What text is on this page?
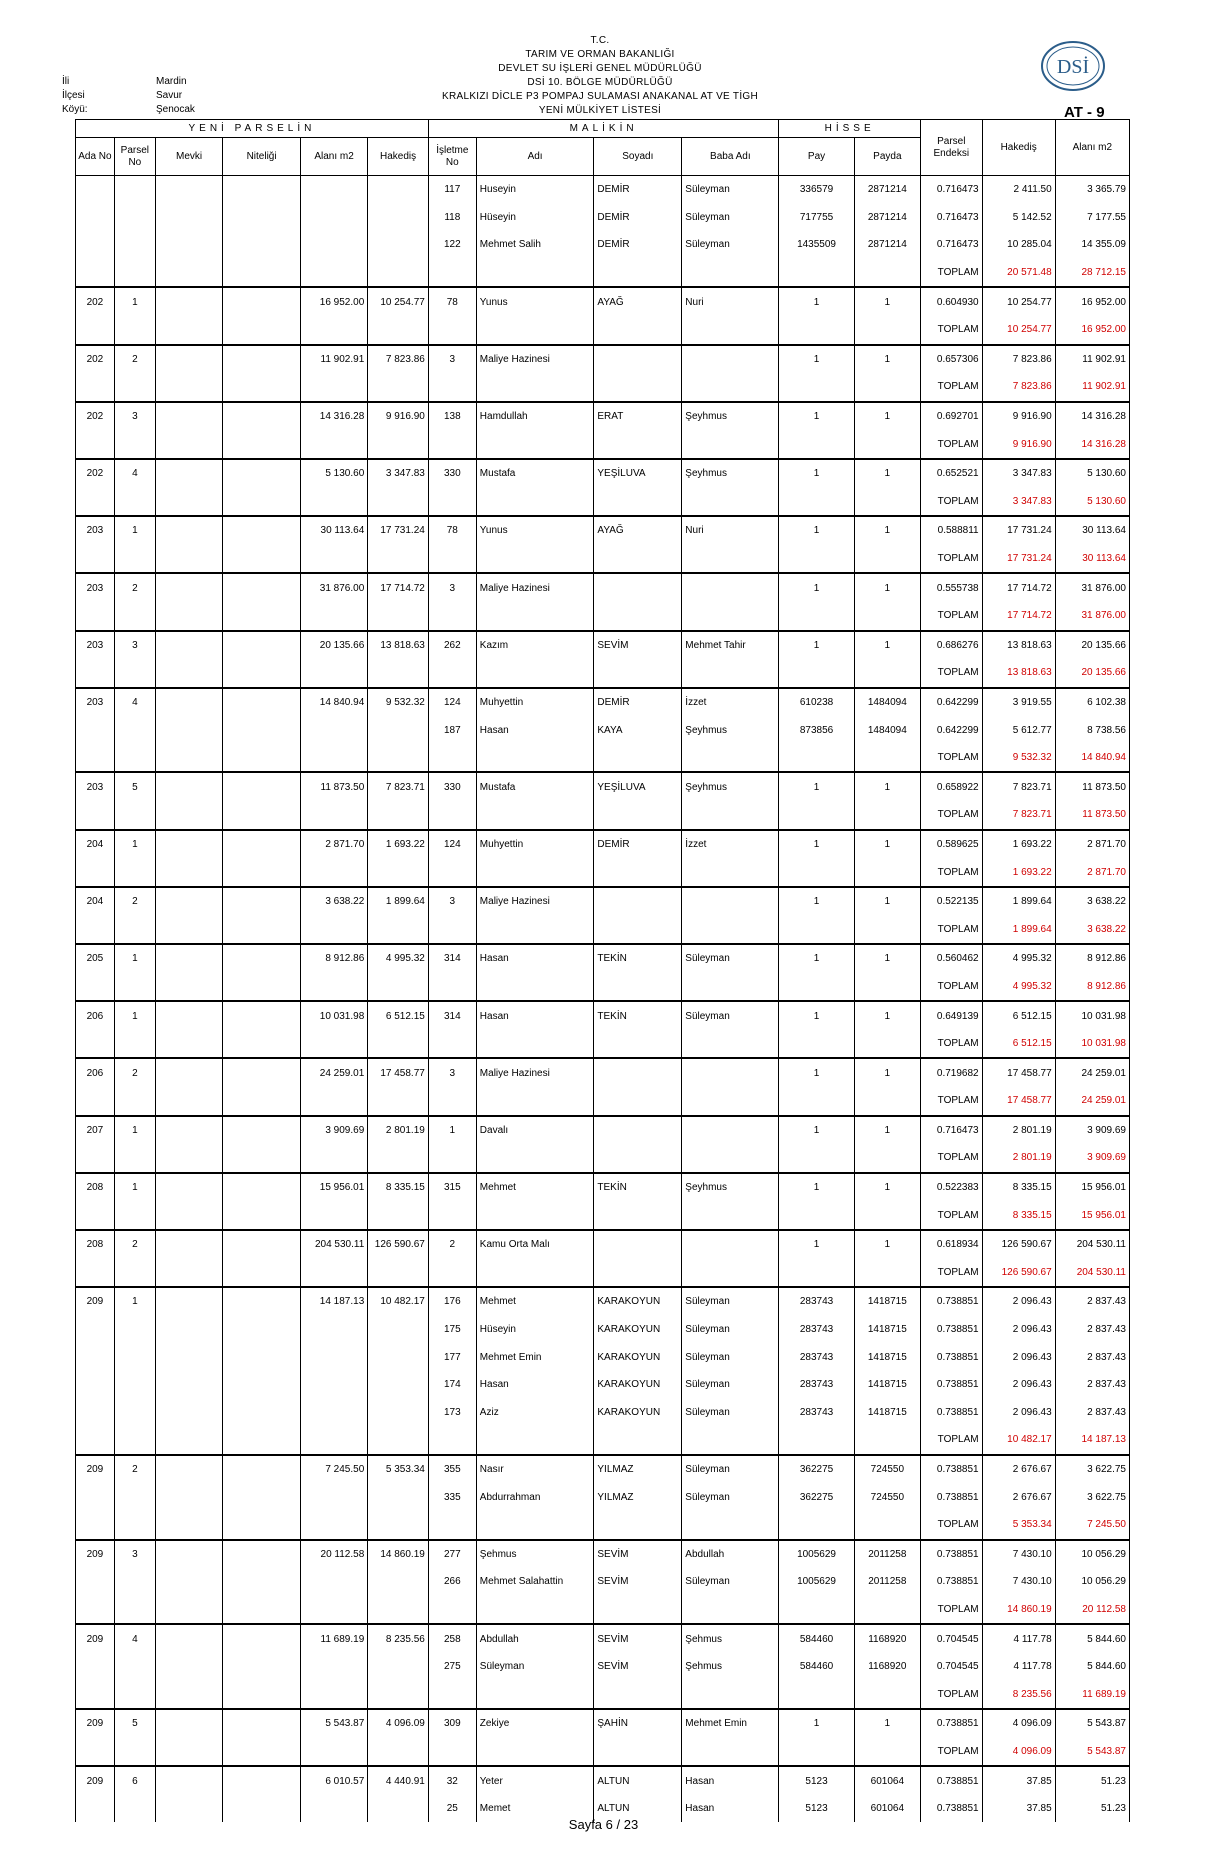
İli	Mardin
İlçesi	Savur
Köyü:	Şenocak
T.C.
TARIM VE ORMAN BAKANLIĞI
DEVLET SU İŞLERİ GENEL MÜDÜRLÜĞÜ
DSİ 10. BÖLGE MÜDÜRLÜĞÜ
KRALKIZI DİCLE P3 POMPAJ SULAMASI ANAKANAL AT VE TİGH
YENİ MÜLKİYET LİSTESİ
DSİ
AT - 9
YENİ PARSELİN						MALİKİN				HİSSE		Parsel Endeksi	Hakediş	Alanı m2
Ada No	Parsel No	Mevki	Niteliği	Alanı m2	Hakediş	İşletme No	Adı	Soyadı	Baba Adı	Pay	Payda			
						117	Huseyin	DEMİR	Süleyman	336579	2871214	0.716473	2 411.50	3 365.79
						118	Hüseyin	DEMİR	Süleyman	717755	2871214	0.716473	5 142.52	7 177.55
						122	Mehmet Salih	DEMİR	Süleyman	1435509	2871214	0.716473	10 285.04	14 355.09
												TOPLAM	20 571.48	28 712.15
202	1			16 952.00	10 254.77	78	Yunus	AYAĞ	Nuri	1	1	0.604930	10 254.77	16 952.00
												TOPLAM	10 254.77	16 952.00
202	2			11 902.91	7 823.86	3	Maliye Hazinesi			1	1	0.657306	7 823.86	11 902.91
												TOPLAM	7 823.86	11 902.91
202	3			14 316.28	9 916.90	138	Hamdullah	ERAT	Şeyhmus	1	1	0.692701	9 916.90	14 316.28
												TOPLAM	9 916.90	14 316.28
202	4			5 130.60	3 347.83	330	Mustafa	YEŞİLUVA	Şeyhmus	1	1	0.652521	3 347.83	5 130.60
												TOPLAM	3 347.83	5 130.60
203	1			30 113.64	17 731.24	78	Yunus	AYAĞ	Nuri	1	1	0.588811	17 731.24	30 113.64
												TOPLAM	17 731.24	30 113.64
203	2			31 876.00	17 714.72	3	Maliye Hazinesi			1	1	0.555738	17 714.72	31 876.00
												TOPLAM	17 714.72	31 876.00
203	3			20 135.66	13 818.63	262	Kazım	SEVİM	Mehmet Tahir	1	1	0.686276	13 818.63	20 135.66
												TOPLAM	13 818.63	20 135.66
203	4			14 840.94	9 532.32	124	Muhyettin	DEMİR	İzzet	610238	1484094	0.642299	3 919.55	6 102.38
						187	Hasan	KAYA	Şeyhmus	873856	1484094	0.642299	5 612.77	8 738.56
												TOPLAM	9 532.32	14 840.94
203	5			11 873.50	7 823.71	330	Mustafa	YEŞİLUVA	Şeyhmus	1	1	0.658922	7 823.71	11 873.50
												TOPLAM	7 823.71	11 873.50
204	1			2 871.70	1 693.22	124	Muhyettin	DEMİR	İzzet	1	1	0.589625	1 693.22	2 871.70
												TOPLAM	1 693.22	2 871.70
204	2			3 638.22	1 899.64	3	Maliye Hazinesi			1	1	0.522135	1 899.64	3 638.22
												TOPLAM	1 899.64	3 638.22
205	1			8 912.86	4 995.32	314	Hasan	TEKİN	Süleyman	1	1	0.560462	4 995.32	8 912.86
												TOPLAM	4 995.32	8 912.86
206	1			10 031.98	6 512.15	314	Hasan	TEKİN	Süleyman	1	1	0.649139	6 512.15	10 031.98
												TOPLAM	6 512.15	10 031.98
206	2			24 259.01	17 458.77	3	Maliye Hazinesi			1	1	0.719682	17 458.77	24 259.01
												TOPLAM	17 458.77	24 259.01
207	1			3 909.69	2 801.19	1	Davalı			1	1	0.716473	2 801.19	3 909.69
												TOPLAM	2 801.19	3 909.69
208	1			15 956.01	8 335.15	315	Mehmet	TEKİN	Şeyhmus	1	1	0.522383	8 335.15	15 956.01
												TOPLAM	8 335.15	15 956.01
208	2			204 530.11	126 590.67	2	Kamu Orta Malı			1	1	0.618934	126 590.67	204 530.11
												TOPLAM	126 590.67	204 530.11
209	1			14 187.13	10 482.17	176	Mehmet	KARAKOYUN	Süleyman	283743	1418715	0.738851	2 096.43	2 837.43
						175	Hüseyin	KARAKOYUN	Süleyman	283743	1418715	0.738851	2 096.43	2 837.43
						177	Mehmet Emin	KARAKOYUN	Süleyman	283743	1418715	0.738851	2 096.43	2 837.43
						174	Hasan	KARAKOYUN	Süleyman	283743	1418715	0.738851	2 096.43	2 837.43
						173	Aziz	KARAKOYUN	Süleyman	283743	1418715	0.738851	2 096.43	2 837.43
												TOPLAM	10 482.17	14 187.13
209	2			7 245.50	5 353.34	355	Nasır	YILMAZ	Süleyman	362275	724550	0.738851	2 676.67	3 622.75
						335	Abdurrahman	YILMAZ	Süleyman	362275	724550	0.738851	2 676.67	3 622.75
												TOPLAM	5 353.34	7 245.50
209	3			20 112.58	14 860.19	277	Şehmus	SEVİM	Abdullah	1005629	2011258	0.738851	7 430.10	10 056.29
						266	Mehmet Salahattin	SEVİM	Süleyman	1005629	2011258	0.738851	7 430.10	10 056.29
												TOPLAM	14 860.19	20 112.58
209	4			11 689.19	8 235.56	258	Abdullah	SEVİM	Şehmus	584460	1168920	0.704545	4 117.78	5 844.60
						275	Süleyman	SEVİM	Şehmus	584460	1168920	0.704545	4 117.78	5 844.60
												TOPLAM	8 235.56	11 689.19
209	5			5 543.87	4 096.09	309	Zekiye	ŞAHİN	Mehmet Emin	1	1	0.738851	4 096.09	5 543.87
												TOPLAM	4 096.09	5 543.87
209	6			6 010.57	4 440.91	32	Yeter	ALTUN	Hasan	5123	601064	0.738851	37.85	51.23
						25	Memet	ALTUN	Hasan	5123	601064	0.738851	37.85	51.23
Sayfa 6 / 23
